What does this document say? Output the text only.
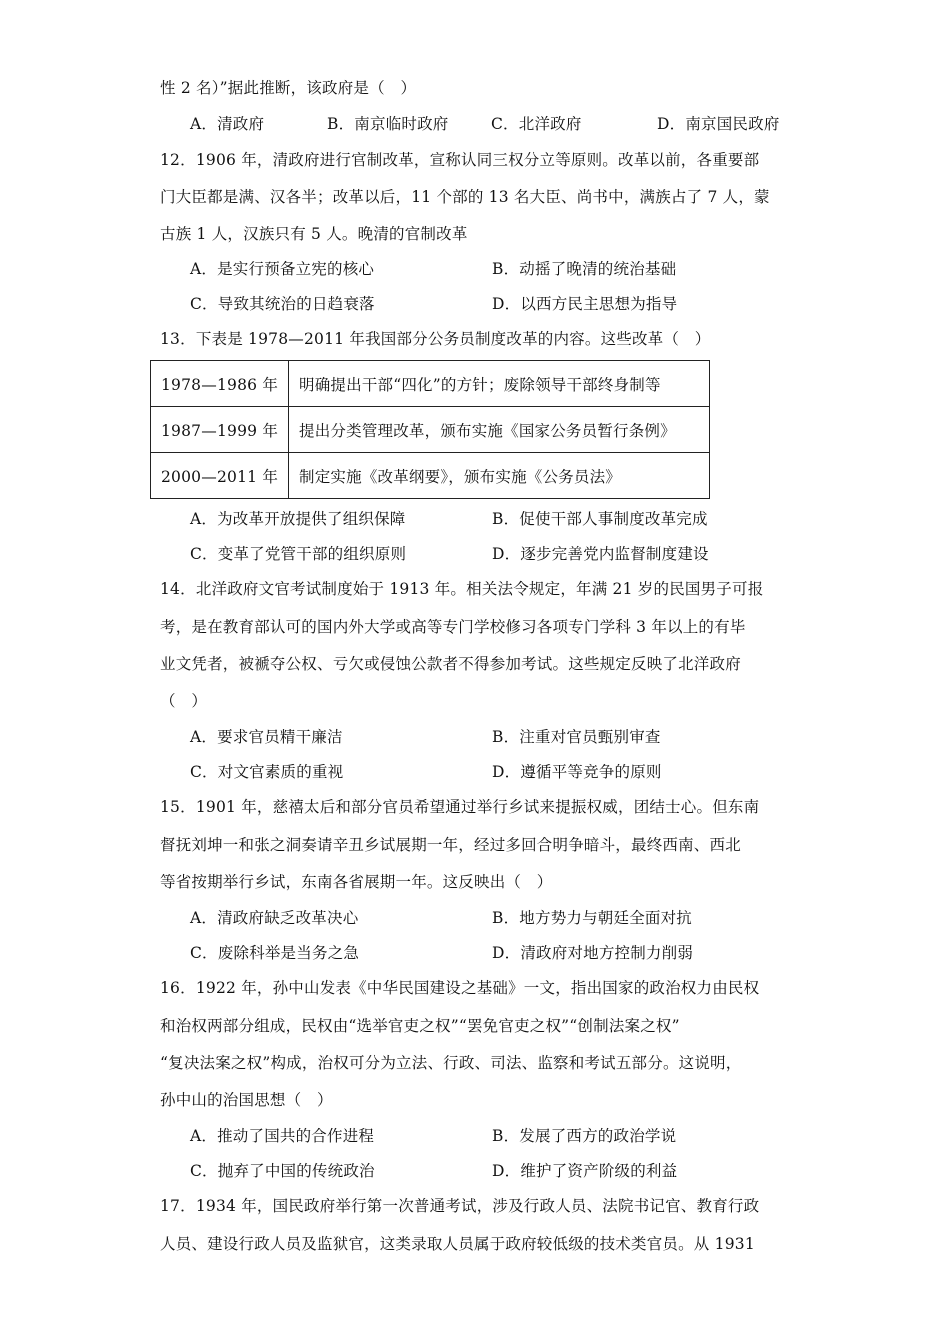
性 2 名）”据此推断，该政府是（　）
A．清政府	B．南京临时政府	C．北洋政府	D．南京国民政府
12．1906 年，清政府进行官制改革，宣称认同三权分立等原则。改革以前，各重要部
门大臣都是满、汉各半；改革以后，11 个部的 13 名大臣、尚书中，满族占了 7 人，蒙
古族 1 人，汉族只有 5 人。晚清的官制改革
A．是实行预备立宪的核心	B．动摇了晚清的统治基础
C．导致其统治的日趋衰落	D．以西方民主思想为指导
13．下表是 1978—2011 年我国部分公务员制度改革的内容。这些改革（　）
1978—1986 年	明确提出干部“四化”的方针；废除领导干部终身制等
1987—1999 年	提出分类管理改革，颁布实施《国家公务员暂行条例》
2000—2011 年	制定实施《改革纲要》，颁布实施《公务员法》
A．为改革开放提供了组织保障	B．促使干部人事制度改革完成
C．变革了党管干部的组织原则	D．逐步完善党内监督制度建设
14．北洋政府文官考试制度始于 1913 年。相关法令规定，年满 21 岁的民国男子可报
考，是在教育部认可的国内外大学或高等专门学校修习各项专门学科 3 年以上的有毕
业文凭者，被褫夺公权、亏欠或侵蚀公款者不得参加考试。这些规定反映了北洋政府
（　）
A．要求官员精干廉洁	B．注重对官员甄别审查
C．对文官素质的重视	D．遵循平等竞争的原则
15．1901 年，慈禧太后和部分官员希望通过举行乡试来提振权威，团结士心。但东南
督抚刘坤一和张之洞奏请辛丑乡试展期一年，经过多回合明争暗斗，最终西南、西北
等省按期举行乡试，东南各省展期一年。这反映出（　）
A．清政府缺乏改革决心	B．地方势力与朝廷全面对抗
C．废除科举是当务之急	D．清政府对地方控制力削弱
16．1922 年，孙中山发表《中华民国建设之基础》一文，指出国家的政治权力由民权
和治权两部分组成，民权由“选举官吏之权”“罢免官吏之权”“创制法案之权”
“复决法案之权”构成，治权可分为立法、行政、司法、监察和考试五部分。这说明，
孙中山的治国思想（　）
A．推动了国共的合作进程	B．发展了西方的政治学说
C．抛弃了中国的传统政治	D．维护了资产阶级的利益
17．1934 年，国民政府举行第一次普通考试，涉及行政人员、法院书记官、教育行政
人员、建设行政人员及监狱官，这类录取人员属于政府较低级的技术类官员。从 1931
